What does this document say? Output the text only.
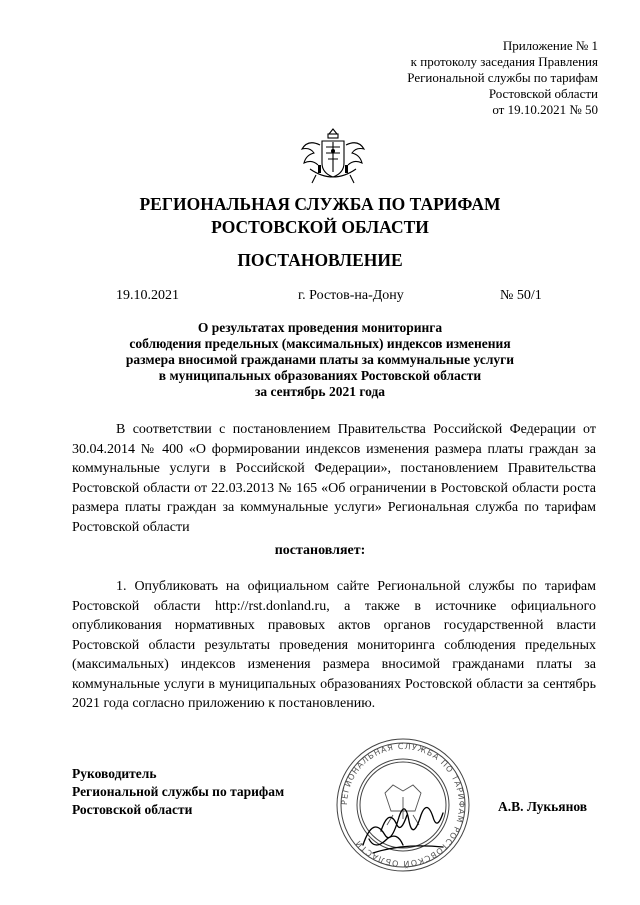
Приложение № 1
к протоколу заседания Правления
Региональной службы по тарифам
Ростовской области
от 19.10.2021 № 50
РЕГИОНАЛЬНАЯ СЛУЖБА ПО ТАРИФАМ
РОСТОВСКОЙ ОБЛАСТИ
ПОСТАНОВЛЕНИЕ
19.10.2021	г. Ростов-на-Дону	№ 50/1
О результатах проведения мониторинга
соблюдения предельных (максимальных) индексов изменения
размера вносимой гражданами платы за коммунальные услуги
в муниципальных образованиях Ростовской области
за сентябрь 2021 года
В соответствии с постановлением Правительства Российской Федерации от 30.04.2014 № 400 «О формировании индексов изменения размера платы граждан за коммунальные услуги в Российской Федерации», постановлением Правительства Ростовской области от 22.03.2013 № 165 «Об ограничении в Ростовской области роста размера платы граждан за коммунальные услуги» Региональная служба по тарифам Ростовской области
постановляет:
1. Опубликовать на официальном сайте Региональной службы по тарифам Ростовской области http://rst.donland.ru, а также в источнике официального опубликования нормативных правовых актов органов государственной власти Ростовской области результаты проведения мониторинга соблюдения предельных (максимальных) индексов изменения размера вносимой гражданами платы за коммунальные услуги в муниципальных образованиях Ростовской области за сентябрь 2021 года согласно приложению к постановлению.
Руководитель
Региональной службы по тарифам
Ростовской области	РЕГИОНАЛЬНАЯ СЛУЖБА ПО ТАРИФАМ РОСТОВСКОЙ ОБЛАСТИ
А.В. Лукьянов
